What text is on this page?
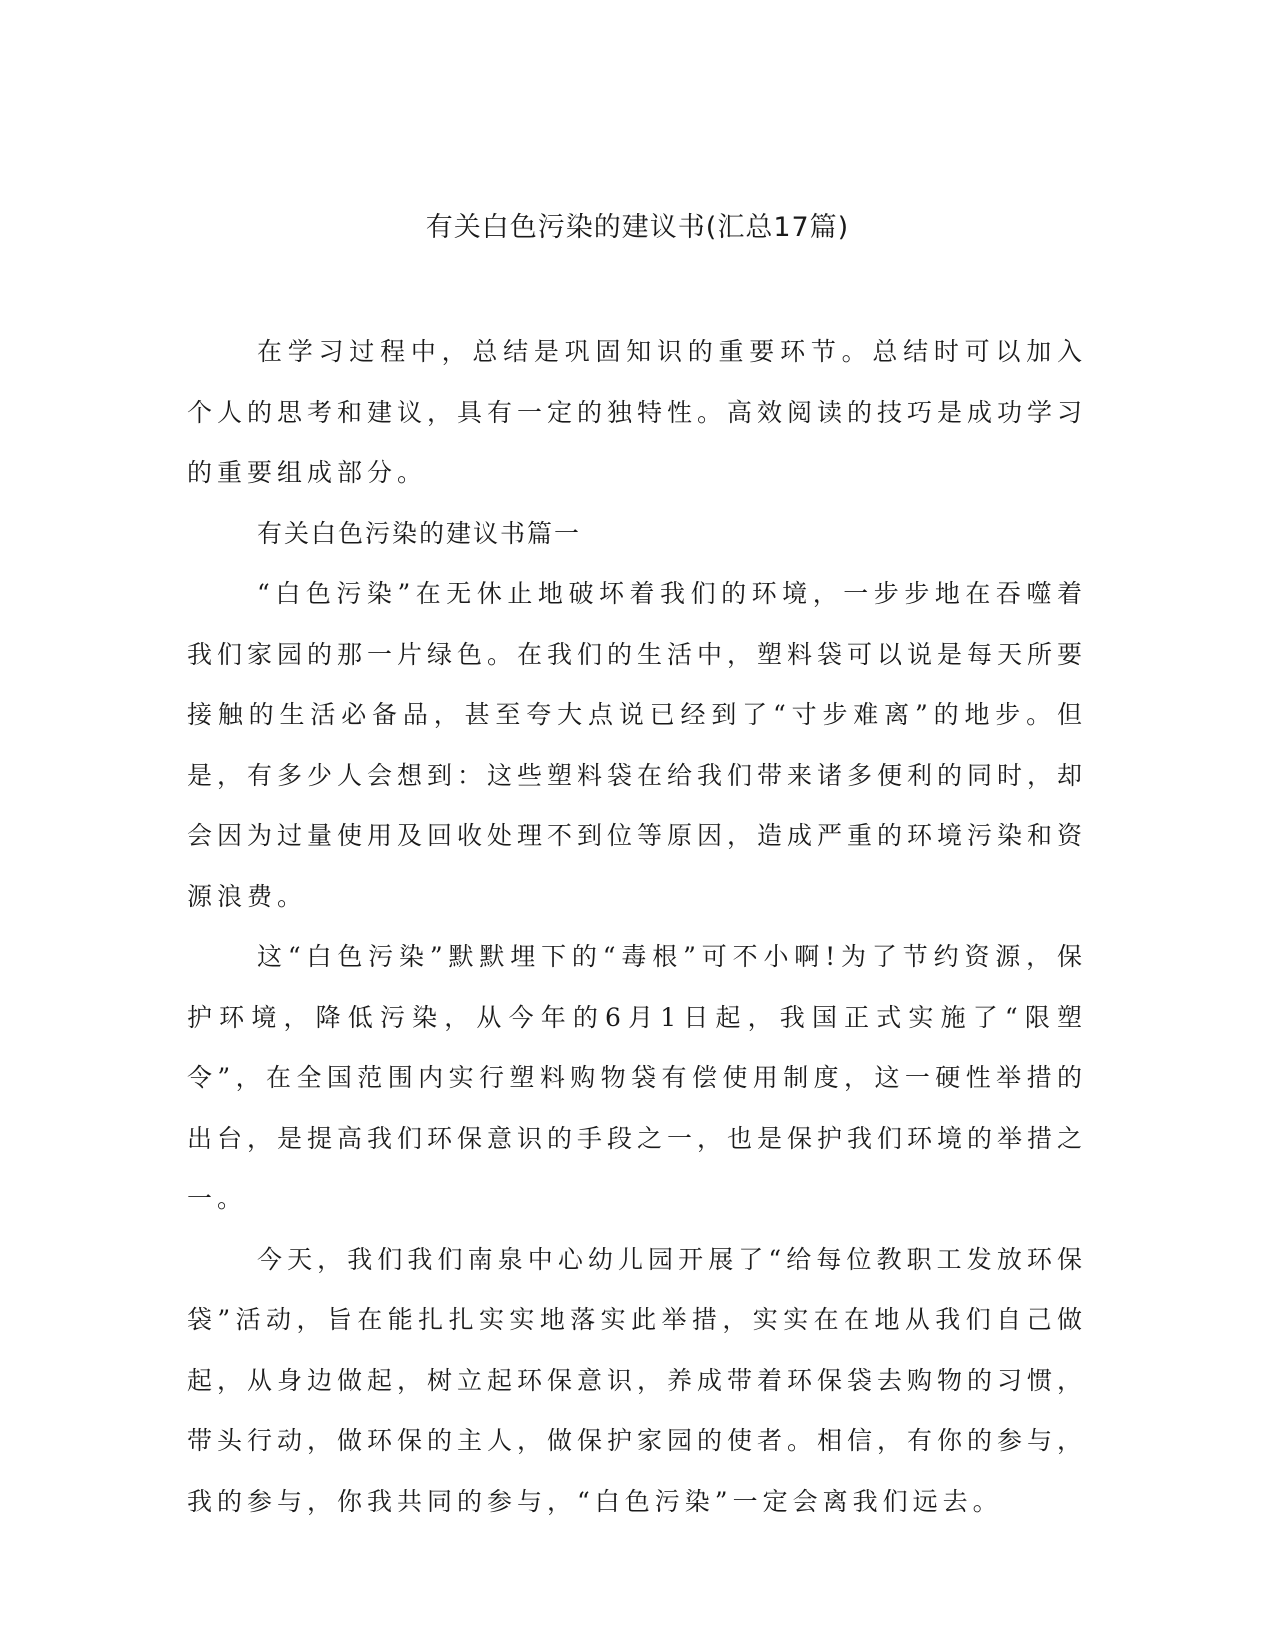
有关白色污染的建议书(汇总17篇)

在学习过程中，总结是巩固知识的重要环节。总结时可以加入个人的思考和建议，具有一定的独特性。高效阅读的技巧是成功学习的重要组成部分。

有关白色污染的建议书篇一

“白色污染”在无休止地破坏着我们的环境，一步步地在吞噬着我们家园的那一片绿色。在我们的生活中，塑料袋可以说是每天所要接触的生活必备品，甚至夸大点说已经到了“寸步难离”的地步。但是，有多少人会想到：这些塑料袋在给我们带来诸多便利的同时，却会因为过量使用及回收处理不到位等原因，造成严重的环境污染和资源浪费。

这“白色污染”默默埋下的“毒根”可不小啊!为了节约资源，保护环境，降低污染，从今年的6月1日起，我国正式实施了“限塑令”，在全国范围内实行塑料购物袋有偿使用制度，这一硬性举措的出台，是提高我们环保意识的手段之一，也是保护我们环境的举措之一。

今天，我们我们南泉中心幼儿园开展了“给每位教职工发放环保袋”活动，旨在能扎扎实实地落实此举措，实实在在地从我们自己做起，从身边做起，树立起环保意识，养成带着环保袋去购物的习惯，带头行动，做环保的主人，做保护家园的使者。相信，有你的参与，我的参与，你我共同的参与，“白色污染”一定会离我们远去。
